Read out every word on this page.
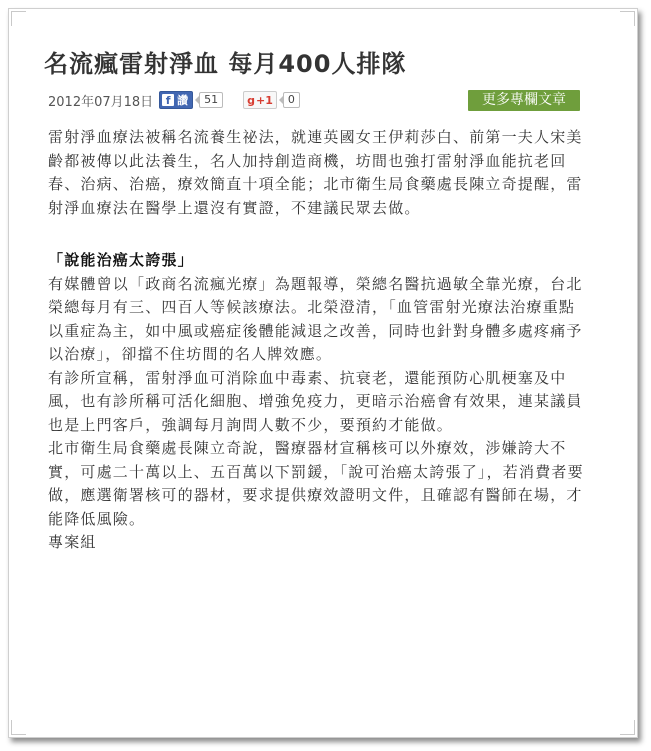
名流瘋雷射淨血 每月400人排隊
2012年07月18日	f 讚	51	g +1	0	更多專欄文章

雷射淨血療法被稱名流養生祕法，就連英國女王伊莉莎白、前第一夫人宋美齡都被傳以此法養生，名人加持創造商機，坊間也強打雷射淨血能抗老回春、治病、治癌，療效簡直十項全能；北市衛生局食藥處長陳立奇提醒，雷射淨血療法在醫學上還沒有實證，不建議民眾去做。

「說能治癌太誇張」

有媒體曾以「政商名流瘋光療」為題報導，榮總名醫抗過敏全靠光療，台北榮總每月有三、四百人等候該療法。北榮澄清，「血管雷射光療法治療重點以重症為主，如中風或癌症後體能減退之改善，同時也針對身體多處疼痛予以治療」，卻擋不住坊間的名人牌效應。

有診所宣稱，雷射淨血可消除血中毒素、抗衰老，還能預防心肌梗塞及中風，也有診所稱可活化細胞、增強免疫力，更暗示治癌會有效果，連某議員也是上門客戶，強調每月詢問人數不少，要預約才能做。

北市衛生局食藥處長陳立奇說，醫療器材宣稱核可以外療效，涉嫌誇大不實，可處二十萬以上、五百萬以下罰鍰，「說可治癌太誇張了」，若消費者要做，應選衛署核可的器材，要求提供療效證明文件，且確認有醫師在場，才能降低風險。

專案組
